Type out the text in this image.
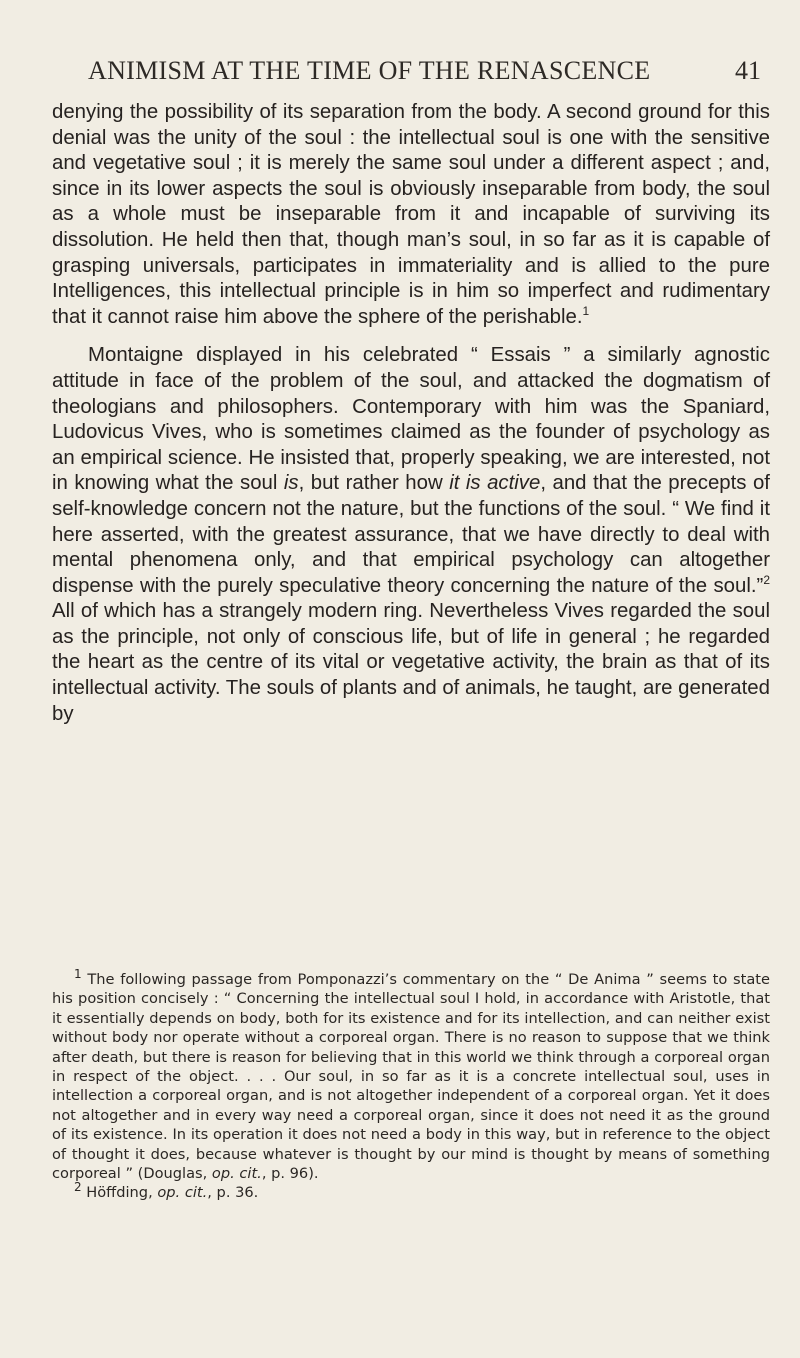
ANIMISM AT THE TIME OF THE RENASCENCE	41

denying the possibility of its separation from the body. A second ground for this denial was the unity of the soul : the intellectual soul is one with the sensitive and vegetative soul ; it is merely the same soul under a different aspect ; and, since in its lower aspects the soul is obviously inseparable from body, the soul as a whole must be inseparable from it and incapable of surviving its dissolution. He held then that, though man’s soul, in so far as it is capable of grasping universals, participates in immateriality and is allied to the pure Intelligences, this intellectual principle is in him so imperfect and rudimentary that it cannot raise him above the sphere of the perishable.$^1$

Montaigne displayed in his celebrated “ Essais ” a similarly agnostic attitude in face of the problem of the soul, and attacked the dogmatism of theologians and philosophers. Contemporary with him was the Spaniard, Ludovicus Vives, who is sometimes claimed as the founder of psychology as an empirical science. He insisted that, properly speaking, we are interested, not in knowing what the soul is, but rather how it is active, and that the precepts of self-knowledge concern not the nature, but the functions of the soul. “ We find it here asserted, with the greatest assurance, that we have directly to deal with mental phenomena only, and that empirical psychology can altogether dispense with the purely speculative theory concerning the nature of the soul.”$^2$ All of which has a strangely modern ring. Nevertheless Vives regarded the soul as the principle, not only of conscious life, but of life in general ; he regarded the heart as the centre of its vital or vegetative activity, the brain as that of its intellectual activity. The souls of plants and of animals, he taught, are generated by

$^1$ The following passage from Pomponazzi’s commentary on the “ De Anima ” seems to state his position concisely : “ Concerning the intellectual soul I hold, in accordance with Aristotle, that it essentially depends on body, both for its existence and for its intellection, and can neither exist without body nor operate without a corporeal organ. There is no reason to suppose that we think after death, but there is reason for believing that in this world we think through a corporeal organ in respect of the object. . . . Our soul, in so far as it is a concrete intellectual soul, uses in intellection a corporeal organ, and is not altogether independent of a corporeal organ. Yet it does not altogether and in every way need a corporeal organ, since it does not need it as the ground of its existence. In its operation it does not need a body in this way, but in reference to the object of thought it does, because whatever is thought by our mind is thought by means of something corporeal ” (Douglas, op. cit., p. 96).

$^2$ Höffding, op. cit., p. 36.
